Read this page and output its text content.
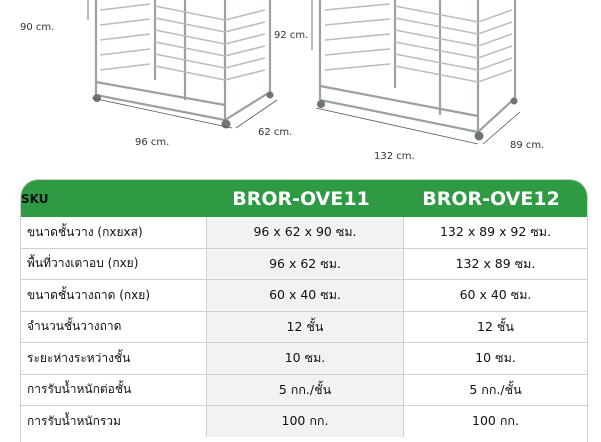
90 cm.
96 cm.
62 cm.
92 cm.
132 cm.
89 cm.
SKU	BROR-OVE11	BROR-OVE12
ขนาดชั้นวาง (กxยxส)	96 x 62 x 90 ซม.	132 x 89 x 92 ซม.
พื้นที่วางเตาอบ (กxย)	96 x 62 ซม.	132 x 89 ซม.
ขนาดชั้นวางถาด (กxย)	60 x 40 ซม.	60 x 40 ซม.
จำนวนชั้นวางถาด	12 ชั้น	12 ชั้น
ระยะห่างระหว่างชั้น	10 ซม.	10 ซม.
การรับน้ำหนักต่อชั้น	5 กก./ชั้น	5 กก./ชั้น
การรับน้ำหนักรวม	100 กก.	100 กก.
